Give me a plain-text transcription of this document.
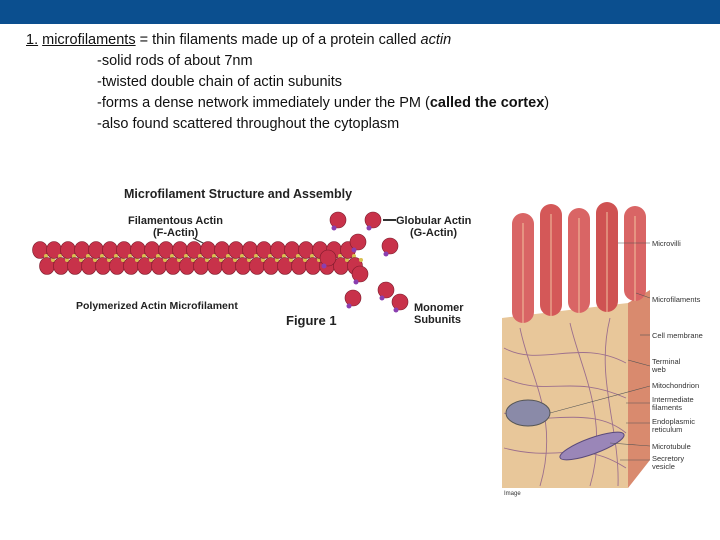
1. microfilaments = thin filaments made up of a protein called actin
-solid rods of about 7nm
-twisted double chain of actin subunits
-forms a dense network immediately under the PM (called the cortex)
-also found scattered throughout the cytoplasm
Microfilament Structure and Assembly
Filamentous Actin
(F-Actin)
Globular Actin
(G-Actin)
Polymerized Actin Microfilament	Monomer
Subunits
Figure 1
Microvilli
Microfilaments
Cell membrane
Terminal
web
Mitochondrion
Intermediate
filaments
Endoplasmic
reticulum
Microtubule
Secretory
vesicle
Image
